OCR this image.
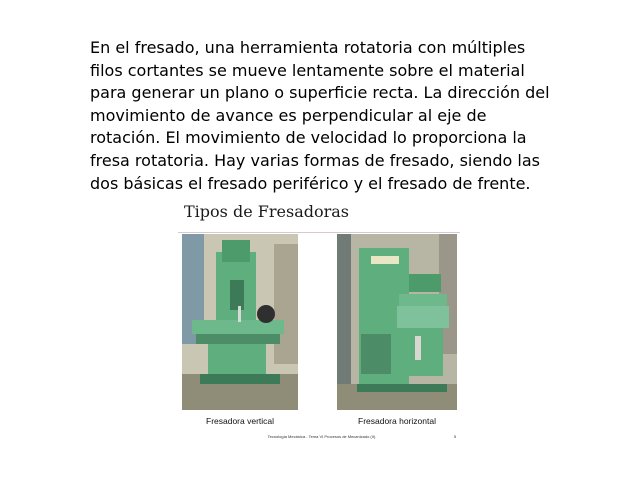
En el fresado, una herramienta rotatoria con múltiples filos cortantes se mueve lentamente sobre el material para generar un plano o superficie recta. La dirección del movimiento de avance es perpendicular al eje de rotación. El movimiento de velocidad lo proporciona la fresa rotatoria. Hay varias formas de fresado, siendo las dos básicas el fresado periférico y el fresado de frente.
Tipos de Fresadoras
Fresadora vertical	Fresadora horizontal
Tecnología Mecánica - Tema VI Procesos de Mecanizado (II).	5
